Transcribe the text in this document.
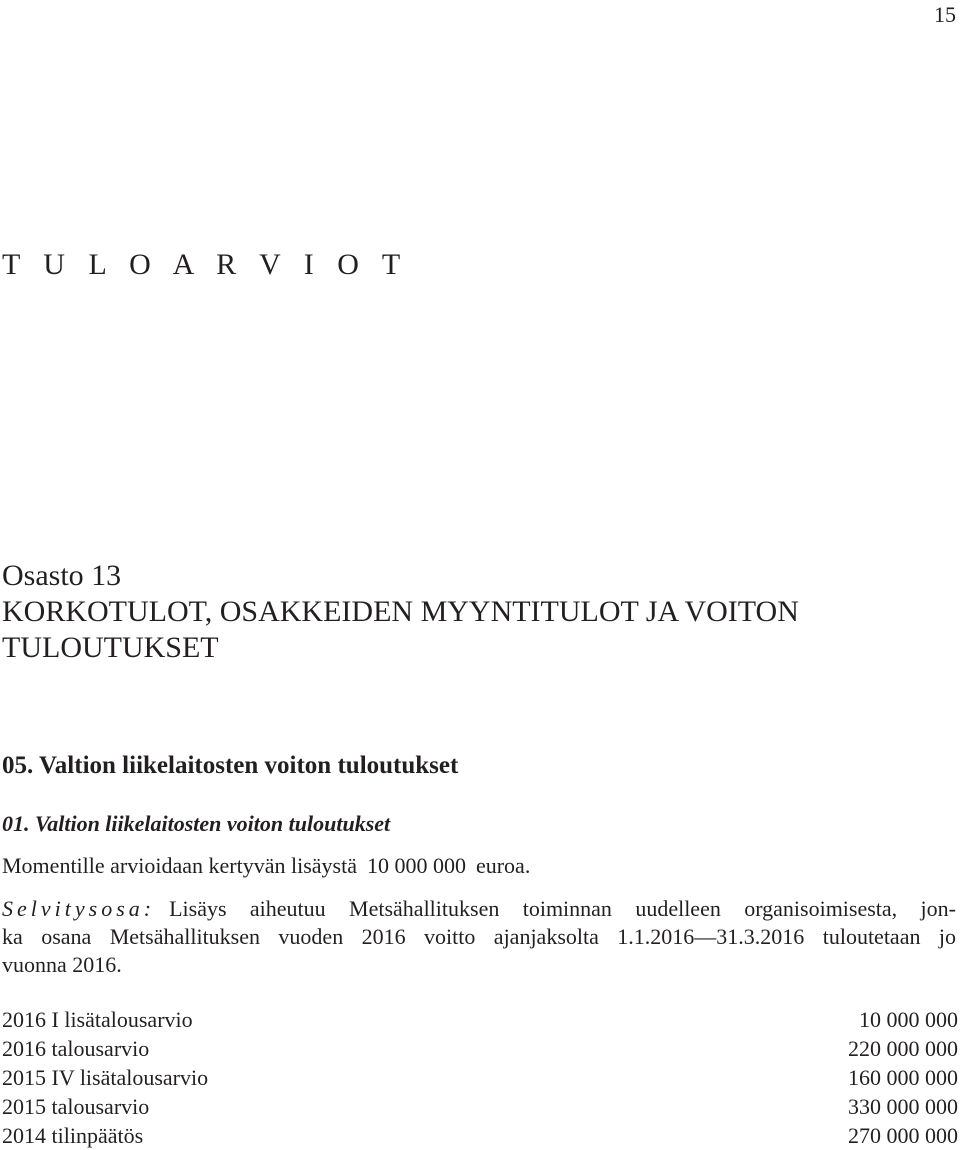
15
T U L O A R V I O T
Osasto 13
KORKOTULOT, OSAKKEIDEN MYYNTITULOT JA VOITON
TULOUTUKSET
05. Valtion liikelaitosten voiton tuloutukset
01. Valtion liikelaitosten voiton tuloutukset

Momentille arvioidaan kertyvän lisäystä 10 000 000 euroa.

Selvitysosa: Lisäys aiheutuu Metsähallituksen toiminnan uudelleen organisoimisesta, jon-
ka osana Metsähallituksen vuoden 2016 voitto ajanjaksolta 1.1.2016—31.3.2016 tuloutetaan jo
vuonna 2016.
2016 I lisätalousarvio	10 000 000
2016 talousarvio	220 000 000
2015 IV lisätalousarvio	160 000 000
2015 talousarvio	330 000 000
2014 tilinpäätös	270 000 000
